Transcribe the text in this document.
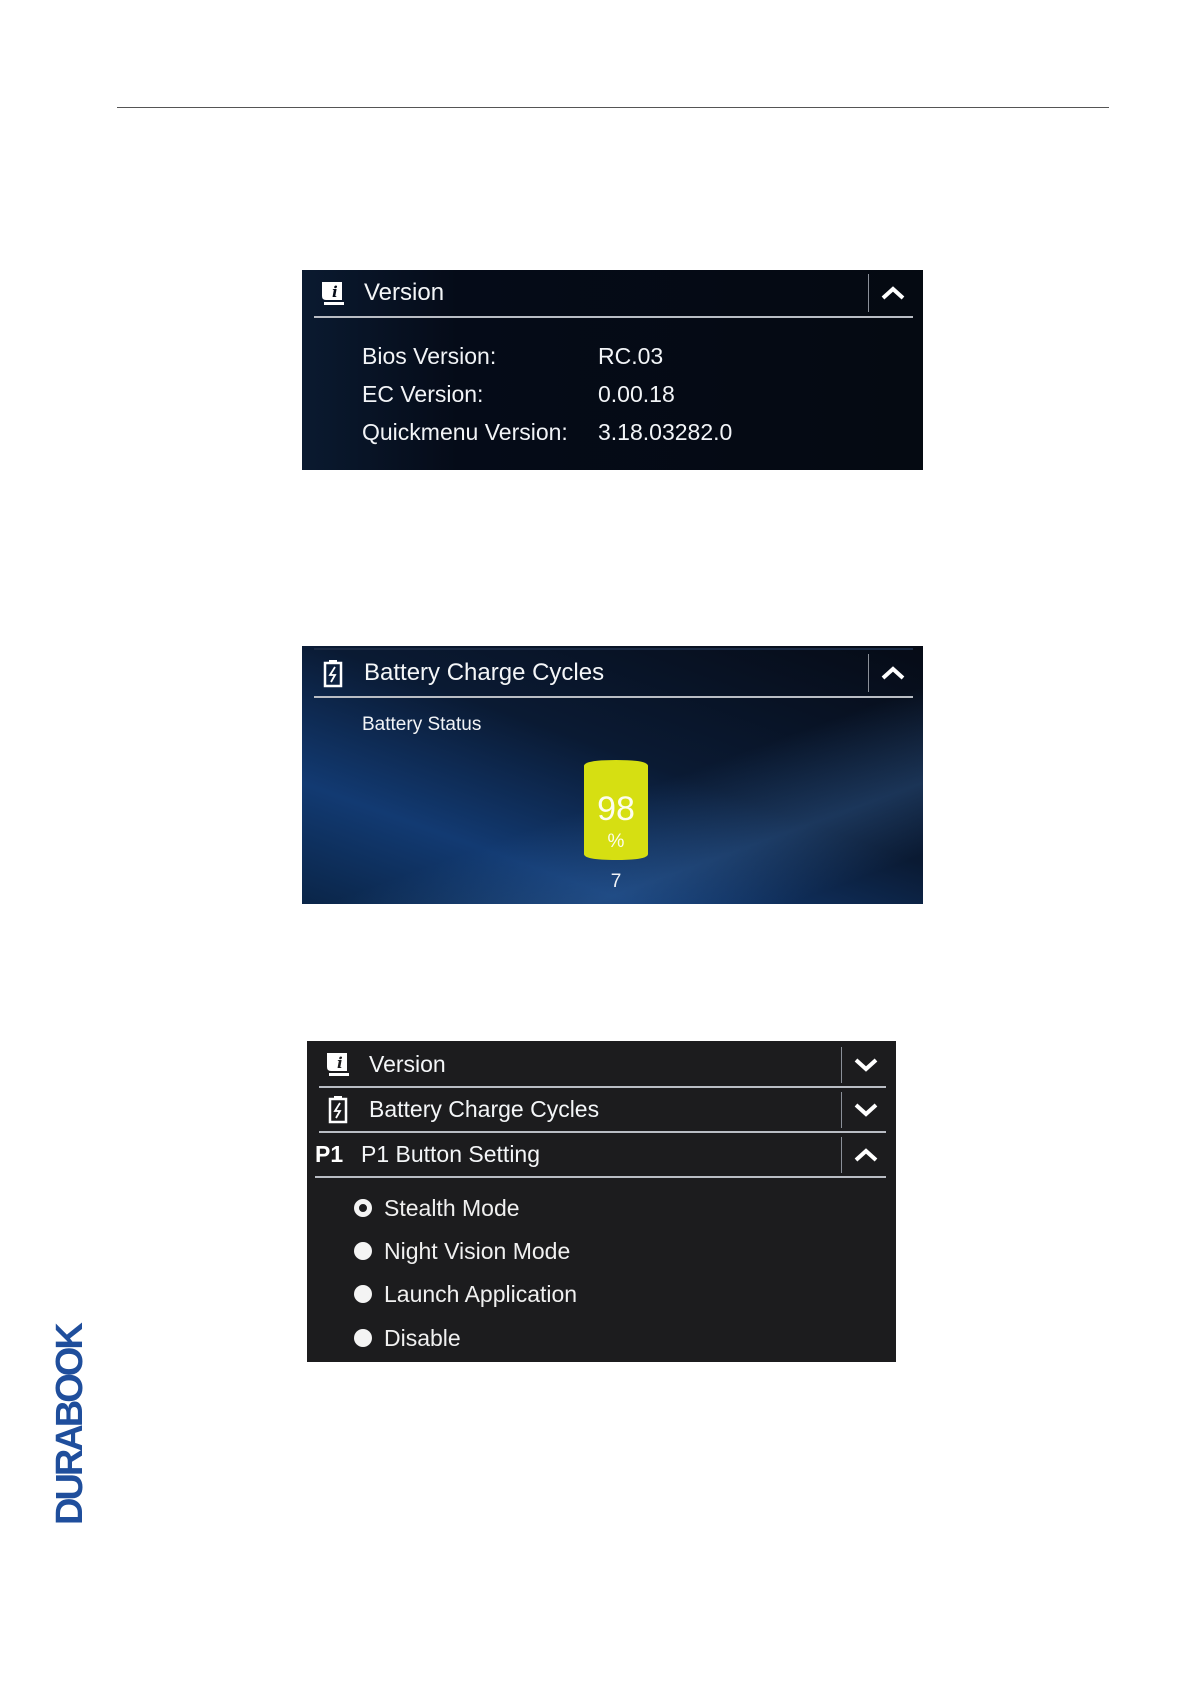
i Version
Bios Version:	RC.03
EC Version:	0.00.18
Quickmenu Version: 3.18.03282.0
Battery Charge Cycles
Battery Status
98
%
7
i Version
Battery Charge Cycles
P1 P1 Button Setting
Stealth Mode
Night Vision Mode
Launch Application
Disable
DURABOOK
